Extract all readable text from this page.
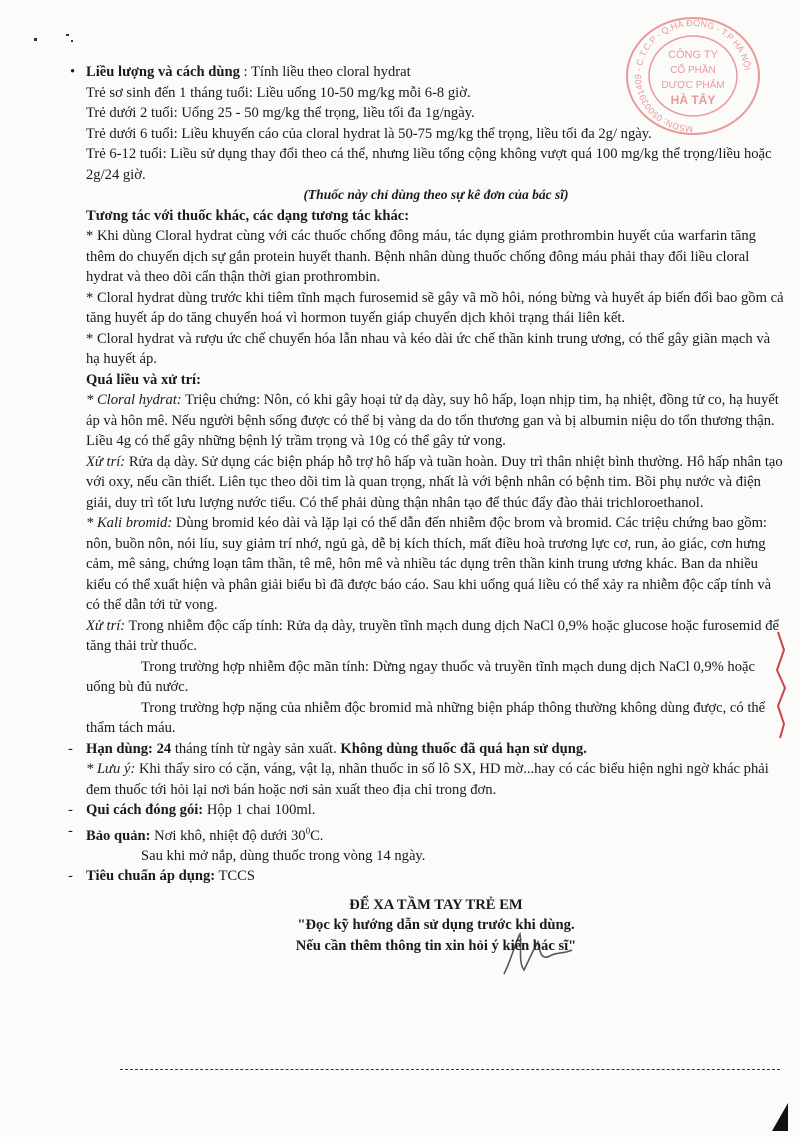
MSDN: 0500391409 - C.T.C.P - Q.HÀ ĐÔNG - T.P HÀ NỘI
CÔNG TY
CỔ PHẦN
DƯỢC PHẨM
HÀ TÂY

• Liều lượng và cách dùng : Tính liều theo cloral hydrat

Trẻ sơ sinh đến 1 tháng tuổi: Liều uống 10-50 mg/kg mỗi 6-8 giờ.

Trẻ dưới 2 tuổi: Uống 25 - 50 mg/kg thể trọng, liều tối đa 1g/ngày.

Trẻ dưới 6 tuổi: Liều khuyến cáo của cloral hydrat là 50-75 mg/kg thể trọng, liều tối đa 2g/ ngày.

Trẻ 6-12 tuổi: Liều sử dụng thay đổi theo cá thể, nhưng liều tổng cộng không vượt quá 100 mg/kg thể trọng/liều hoặc 2g/24 giờ.

(Thuốc này chỉ dùng theo sự kê đơn của bác sĩ)

Tương tác với thuốc khác, các dạng tương tác khác:

* Khi dùng Cloral hydrat cùng với các thuốc chống đông máu, tác dụng giảm prothrombin huyết của warfarin tăng thêm do chuyển dịch sự gắn protein huyết thanh. Bệnh nhân dùng thuốc chống đông máu phải thay đổi liều cloral hydrat và theo dõi cẩn thận thời gian prothrombin.

* Cloral hydrat dùng trước khi tiêm tĩnh mạch furosemid sẽ gây vã mồ hôi, nóng bừng và huyết áp biến đổi bao gồm cả tăng huyết áp do tăng chuyển hoá vì hormon tuyến giáp chuyển dịch khỏi trạng thái liên kết.

* Cloral hydrat và rượu ức chế chuyển hóa lẫn nhau và kéo dài ức chế thần kinh trung ương, có thể gây giãn mạch và hạ huyết áp.

Quá liều và xử trí:

* Cloral hydrat: Triệu chứng: Nôn, có khi gây hoại tử dạ dày, suy hô hấp, loạn nhịp tim, hạ nhiệt, đồng tử co, hạ huyết áp và hôn mê. Nếu người bệnh sống được có thể bị vàng da do tổn thương gan và bị albumin niệu do tổn thương thận. Liều 4g có thể gây những bệnh lý trầm trọng và 10g có thể gây tử vong.

Xử trí: Rửa dạ dày. Sử dụng các biện pháp hỗ trợ hô hấp và tuần hoàn. Duy trì thân nhiệt bình thường. Hô hấp nhân tạo với oxy, nếu cần thiết. Liên tục theo dõi tim là quan trọng, nhất là với bệnh nhân có bệnh tim. Bồi phụ nước và điện giải, duy trì tốt lưu lượng nước tiểu. Có thể phải dùng thận nhân tạo để thúc đẩy đào thải trichloroethanol.

* Kali bromid: Dùng bromid kéo dài và lặp lại có thể dẫn đến nhiễm độc brom và bromid. Các triệu chứng bao gồm: nôn, buồn nôn, nói líu, suy giảm trí nhớ, ngủ gà, dễ bị kích thích, mất điều hoà trương lực cơ, run, ảo giác, cơn hưng cảm, mê sảng, chứng loạn tâm thần, tê mê, hôn mê và nhiều tác dụng trên thần kinh trung ương khác. Ban da nhiều kiểu có thể xuất hiện và phân giải biểu bì đã được báo cáo. Sau khi uống quá liều có thể xảy ra nhiễm độc cấp tính và có thể dẫn tới tử vong.

Xử trí: Trong nhiễm độc cấp tính: Rửa dạ dày, truyền tĩnh mạch dung dịch NaCl 0,9% hoặc glucose hoặc furosemid để tăng thải trừ thuốc.

Trong trường hợp nhiễm độc mãn tính: Dừng ngay thuốc và truyền tĩnh mạch dung dịch NaCl 0,9% hoặc uống bù đủ nước.

Trong trường hợp nặng của nhiễm độc bromid mà những biện pháp thông thường không dùng được, có thể thẩm tách máu.

- Hạn dùng: 24 tháng tính từ ngày sản xuất. Không dùng thuốc đã quá hạn sử dụng.

* Lưu ý: Khi thấy siro có cặn, váng, vật lạ, nhãn thuốc in số lô SX, HD mờ...hay có các biểu hiện nghi ngờ khác phải đem thuốc tới hỏi lại nơi bán hoặc nơi sản xuất theo địa chỉ trong đơn.

- Qui cách đóng gói: Hộp 1 chai 100ml.

- Bảo quản: Nơi khô, nhiệt độ dưới $30^0C$.

Sau khi mở nắp, dùng thuốc trong vòng 14 ngày.

- Tiêu chuẩn áp dụng: TCCS

ĐỂ XA TẦM TAY TRẺ EM

"Đọc kỹ hướng dẫn sử dụng trước khi dùng.

Nếu cần thêm thông tin xin hỏi ý kiến bác sĩ"
